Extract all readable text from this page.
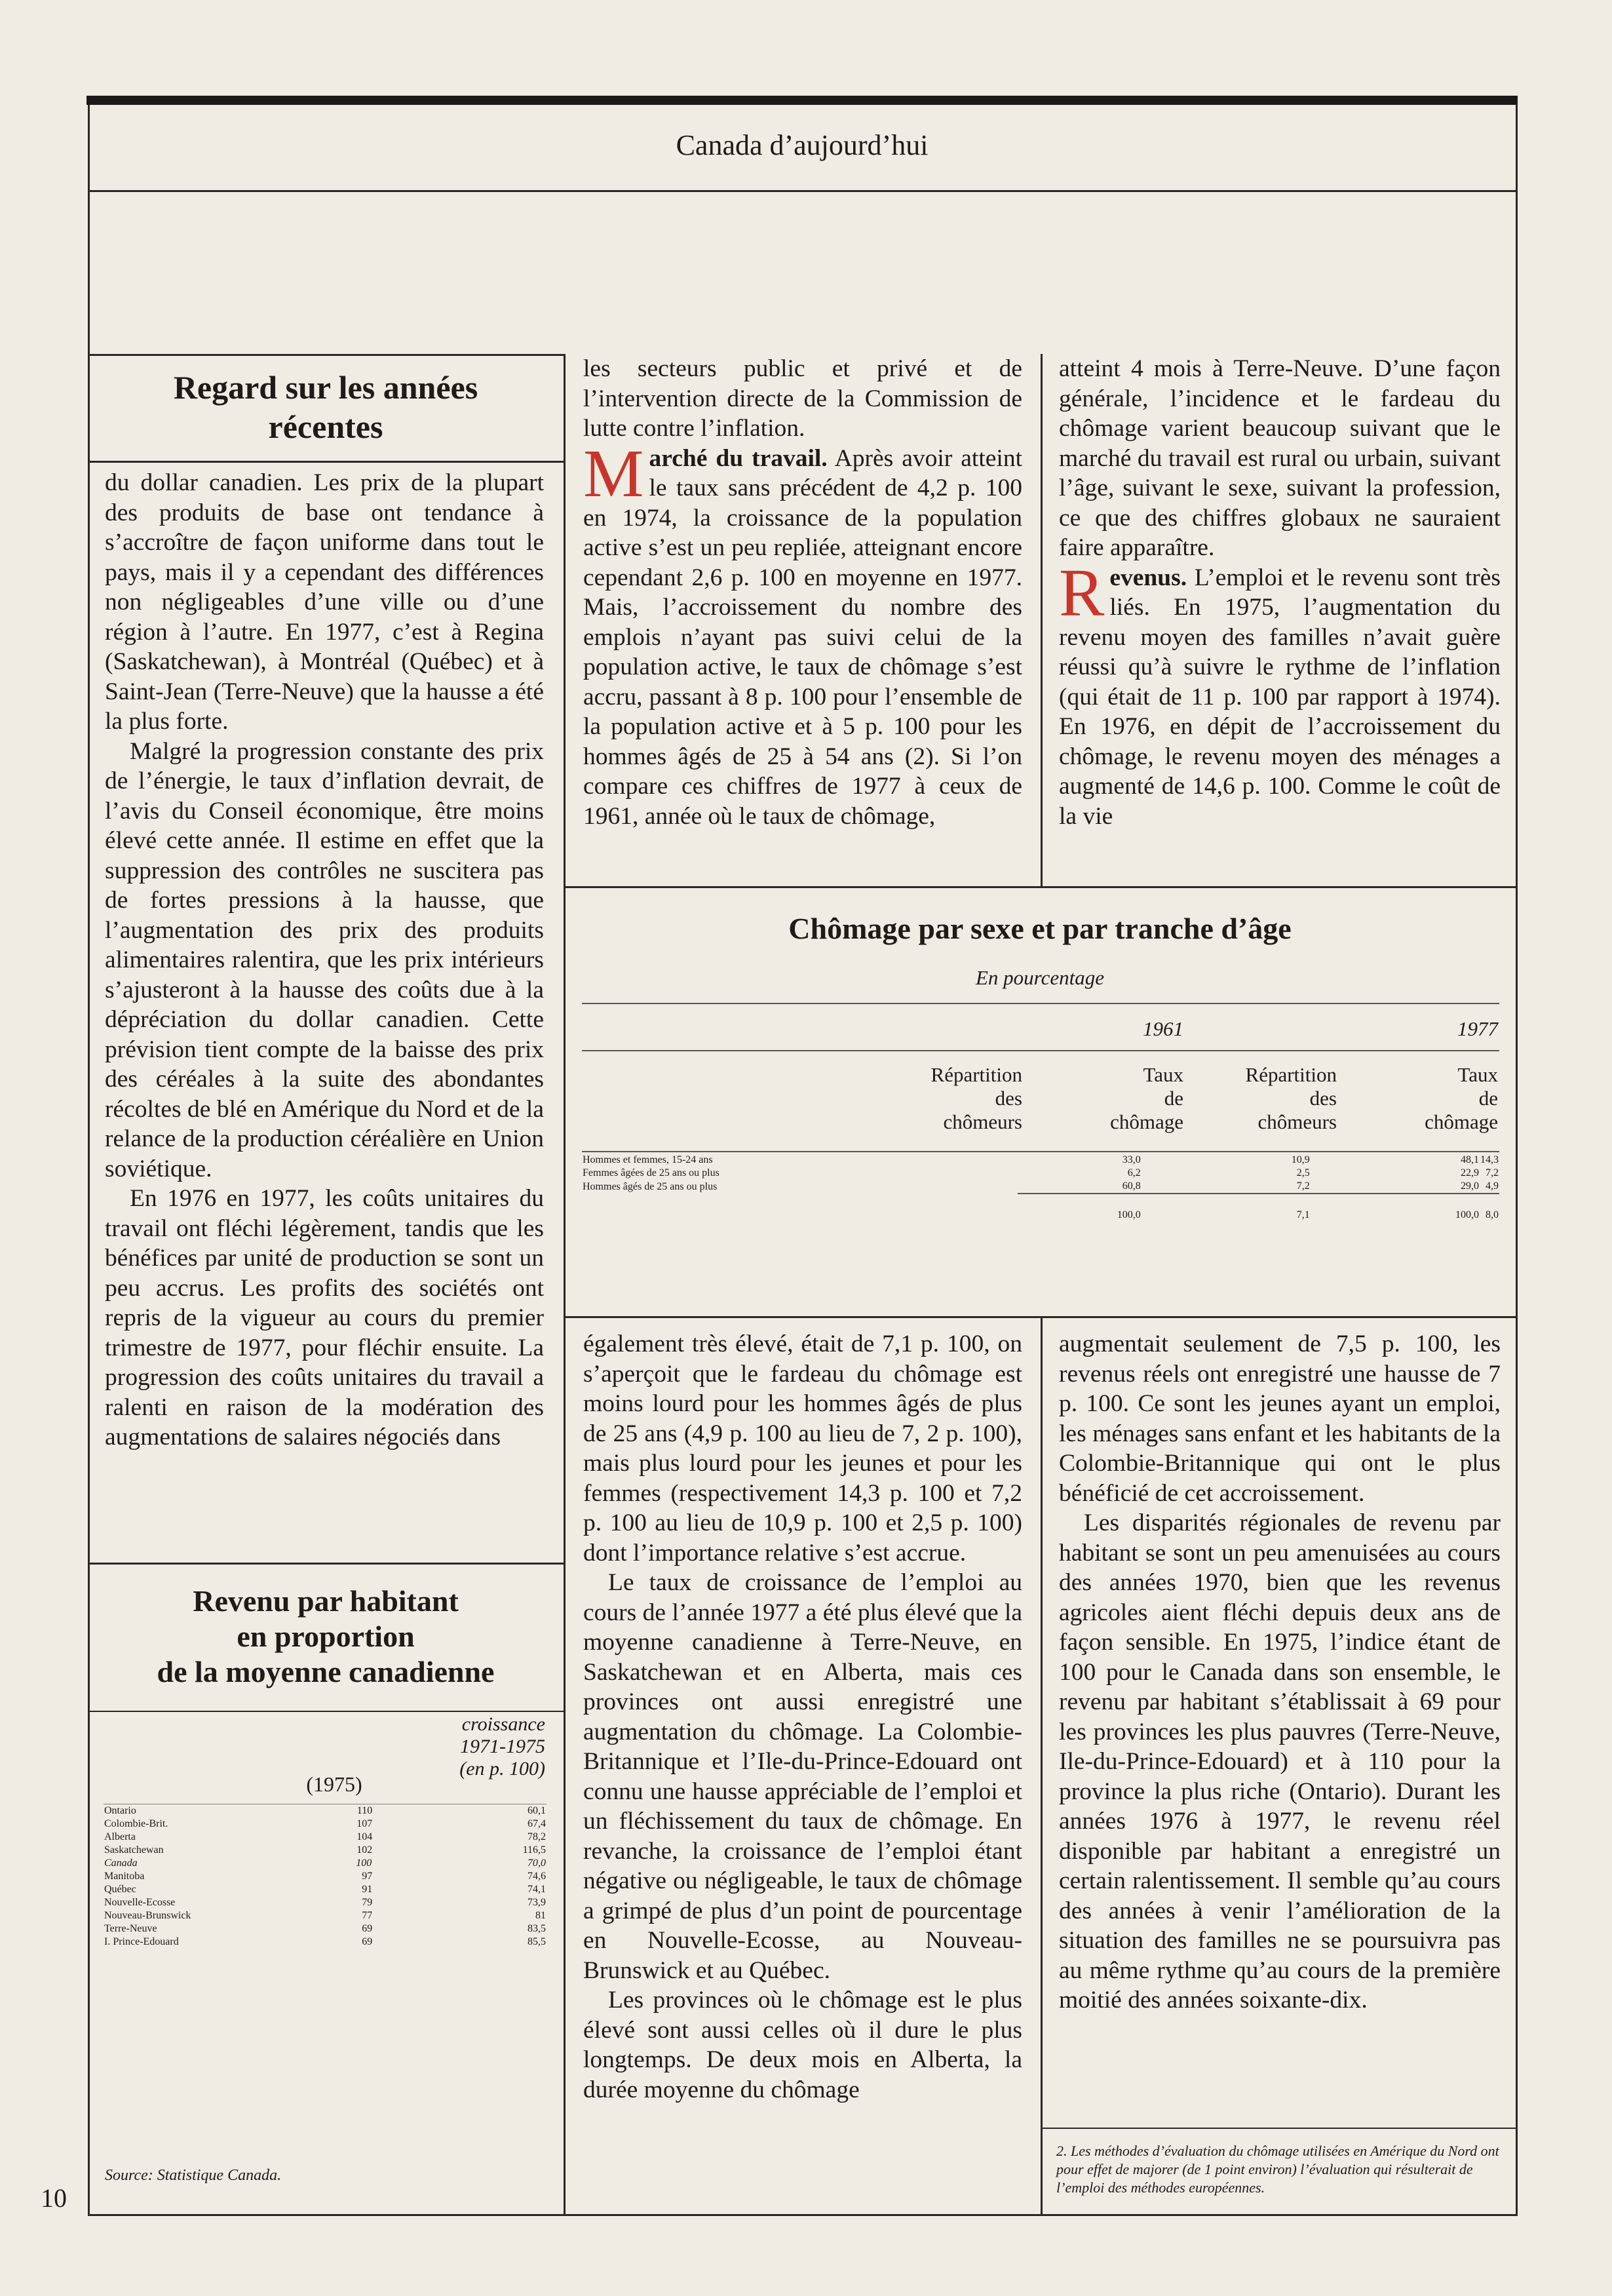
Canada d’aujourd’hui
10
Regard sur les années
récentes

du dollar canadien. Les prix de la plupart des produits de base ont tendance à s’accroître de façon uniforme dans tout le pays, mais il y a cependant des différences non négligeables d’une ville ou d’une région à l’autre. En 1977, c’est à Regina (Saskatchewan), à Montréal (Québec) et à Saint-Jean (Terre-Neuve) que la hausse a été la plus forte.

Malgré la progression constante des prix de l’énergie, le taux d’inflation devrait, de l’avis du Conseil économique, être moins élevé cette année. Il estime en effet que la suppression des contrôles ne suscitera pas de fortes pressions à la hausse, que l’augmentation des prix des produits alimentaires ralentira, que les prix intérieurs s’ajusteront à la hausse des coûts due à la dépréciation du dollar canadien. Cette prévision tient compte de la baisse des prix des céréales à la suite des abondantes récoltes de blé en Amérique du Nord et de la relance de la production céréalière en Union soviétique.

En 1976 en 1977, les coûts unitaires du travail ont fléchi légèrement, tandis que les bénéfices par unité de production se sont un peu accrus. Les profits des sociétés ont repris de la vigueur au cours du premier trimestre de 1977, pour fléchir ensuite. La progression des coûts unitaires du travail a ralenti en raison de la modération des augmentations de salaires négociés dans

Revenu par habitant
en proportion
de la moyenne canadienne
croissance
1971-1975
(en p. 100)
(1975)
Ontario	110	60,1
Colombie-Brit.	107	67,4
Alberta	104	78,2
Saskatchewan	102	116,5
Canada	100	70,0
Manitoba	97	74,6
Québec	91	74,1
Nouvelle-Ecosse	79	73,9
Nouveau-Brunswick	77	81
Terre-Neuve	69	83,5
I. Prince-Edouard	69	85,5
Source: Statistique Canada.

les secteurs public et privé et de l’intervention directe de la Commission de lutte contre l’inflation.

Marché du travail. Après avoir atteint le taux sans précédent de 4,2 p. 100 en 1974, la croissance de la population active s’est un peu repliée, atteignant encore cependant 2,6 p. 100 en moyenne en 1977. Mais, l’accroissement du nombre des emplois n’ayant pas suivi celui de la population active, le taux de chômage s’est accru, passant à 8 p. 100 pour l’ensemble de la population active et à 5 p. 100 pour les hommes âgés de 25 à 54 ans (2). Si l’on compare ces chiffres de 1977 à ceux de 1961, année où le taux de chômage,

atteint 4 mois à Terre-Neuve. D’une façon générale, l’incidence et le fardeau du chômage varient beaucoup suivant que le marché du travail est rural ou urbain, suivant l’âge, suivant le sexe, suivant la profession, ce que des chiffres globaux ne sauraient faire apparaître.

Revenus. L’emploi et le revenu sont très liés. En 1975, l’augmentation du revenu moyen des familles n’avait guère réussi qu’à suivre le rythme de l’inflation (qui était de 11 p. 100 par rapport à 1974). En 1976, en dépit de l’accroissement du chômage, le revenu moyen des ménages a augmenté de 14,6 p. 100. Comme le coût de la vie

Chômage par sexe et par tranche d’âge
En pourcentage
1961	1977
Répartition
des
chômeurs
Taux
de
chômage
Répartition
des
chômeurs
Taux
de
chômage
Hommes et femmes, 15-24 ans	33,0	10,9	48,1	14,3
Femmes âgées de 25 ans ou plus	6,2	2,5	22,9	7,2
Hommes âgés de 25 ans ou plus	60,8	7,2	29,0	4,9
	100,0	7,1	100,0	8,0

également très élevé, était de 7,1 p. 100, on s’aperçoit que le fardeau du chômage est moins lourd pour les hommes âgés de plus de 25 ans (4,9 p. 100 au lieu de 7, 2 p. 100), mais plus lourd pour les jeunes et pour les femmes (respectivement 14,3 p. 100 et 7,2 p. 100 au lieu de 10,9 p. 100 et 2,5 p. 100) dont l’importance relative s’est accrue.

Le taux de croissance de l’emploi au cours de l’année 1977 a été plus élevé que la moyenne canadienne à Terre-Neuve, en Saskatchewan et en Alberta, mais ces provinces ont aussi enregistré une augmentation du chômage. La Colombie-Britannique et l’Ile-du-Prince-Edouard ont connu une hausse appréciable de l’emploi et un fléchissement du taux de chômage. En revanche, la croissance de l’emploi étant négative ou négligeable, le taux de chômage a grimpé de plus d’un point de pourcentage en Nouvelle-Ecosse, au Nouveau-Brunswick et au Québec.

Les provinces où le chômage est le plus élevé sont aussi celles où il dure le plus longtemps. De deux mois en Alberta, la durée moyenne du chômage

augmentait seulement de 7,5 p. 100, les revenus réels ont enregistré une hausse de 7 p. 100. Ce sont les jeunes ayant un emploi, les ménages sans enfant et les habitants de la Colombie-Britannique qui ont le plus bénéficié de cet accroissement.

Les disparités régionales de revenu par habitant se sont un peu amenuisées au cours des années 1970, bien que les revenus agricoles aient fléchi depuis deux ans de façon sensible. En 1975, l’indice étant de 100 pour le Canada dans son ensemble, le revenu par habitant s’établissait à 69 pour les provinces les plus pauvres (Terre-Neuve, Ile-du-Prince-Edouard) et à 110 pour la province la plus riche (Ontario). Durant les années 1976 à 1977, le revenu réel disponible par habitant a enregistré un certain ralentissement. Il semble qu’au cours des années à venir l’amélioration de la situation des familles ne se poursuivra pas au même rythme qu’au cours de la première moitié des années soixante-dix.

2. Les méthodes d’évaluation du chômage utilisées en Amérique du Nord ont pour effet de majorer (de 1 point environ) l’évaluation qui résulterait de l’emploi des méthodes européennes.
